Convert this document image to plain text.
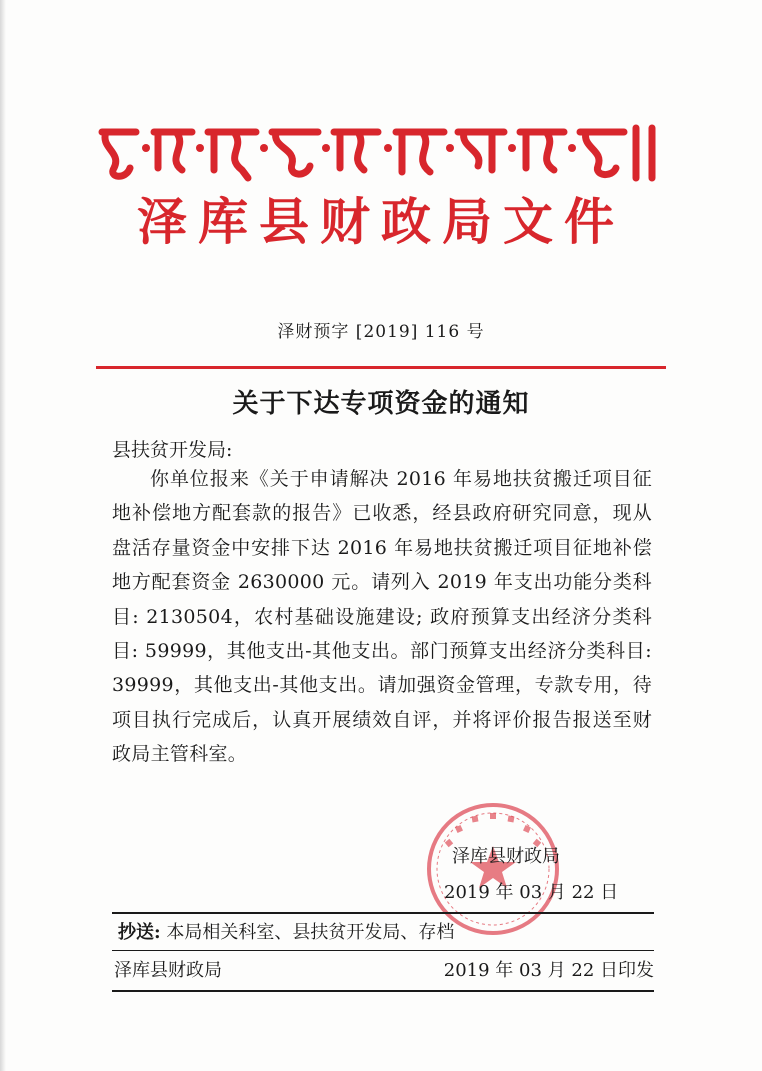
泽库县财政局文件
泽财预字 [2019] 116 号
关于下达专项资金的通知
县扶贫开发局:
你单位报来《关于申请解决 2016 年易地扶贫搬迁项目征地补偿地方配套款的报告》已收悉，经县政府研究同意，现从盘活存量资金中安排下达 2016 年易地扶贫搬迁项目征地补偿地方配套资金 2630000 元。请列入 2019 年支出功能分类科目: 2130504，农村基础设施建设; 政府预算支出经济分类科目: 59999，其他支出-其他支出。部门预算支出经济分类科目: 39999，其他支出-其他支出。请加强资金管理，专款专用，待项目执行完成后，认真开展绩效自评，并将评价报告报送至财政局主管科室。
泽库县财政局
2019 年 03 月 22 日
抄送: 本局相关科室、县扶贫开发局、存档
泽库县财政局	2019 年 03 月 22 日印发
